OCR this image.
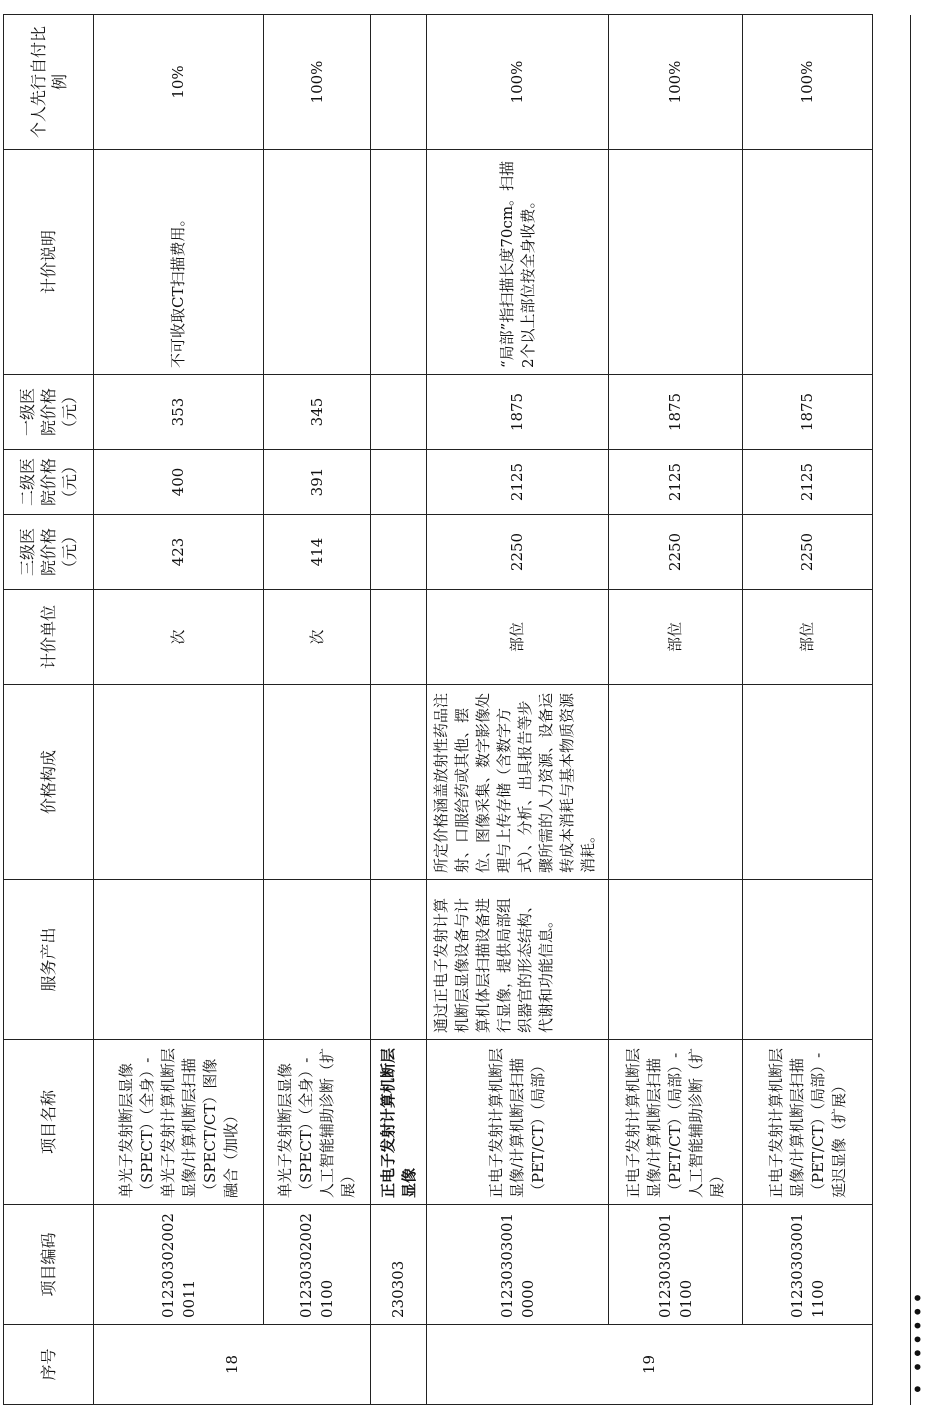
序号	项目编码	项目名称	服务产出	价格构成	计价单位	三级医院价格（元）	二级医院价格（元）	一级医院价格（元）	计价说明	个人先行自付比例
18	012303020020011	单光子发射断层显像（SPECT）（全身）-单光子发射计算机断层显像/计算机断层扫描（SPECT/CT）图像融合（加收）			次	423	400	353	不可收取CT扫描费用。	10%
	012303020020100	单光子发射断层显像（SPECT）（全身）-人工智能辅助诊断（扩展）			次	414	391	345		100%
	230303	正电子发射计算机断层显像								
19	012303030010000	正电子发射计算机断层显像/计算机断层扫描（PET/CT）（局部）	通过正电子发射计算机断层显像设备与计算机体层扫描设备进行显像，提供局部组织器官的形态结构、代谢和功能信息。	所定价格涵盖放射性药品注射、口服给药或其他、摆位、图像采集、数字影像处理与上传存储（含数字方式）、分析、出具报告等步骤所需的人力资源、设备运转成本消耗与基本物质资源消耗。	部位	2250	2125	1875	“局部”指扫描长度70cm。扫描2个以上部位按全身收费。	100%
	012303030010100	正电子发射计算机断层显像/计算机断层扫描（PET/CT）（局部）-人工智能辅助诊断（扩展）			部位	2250	2125	1875		100%
	012303030011100	正电子发射计算机断层显像/计算机断层扫描（PET/CT）（局部）-延迟显像（扩展）			部位	2250	2125	1875		100%
• ••••••
